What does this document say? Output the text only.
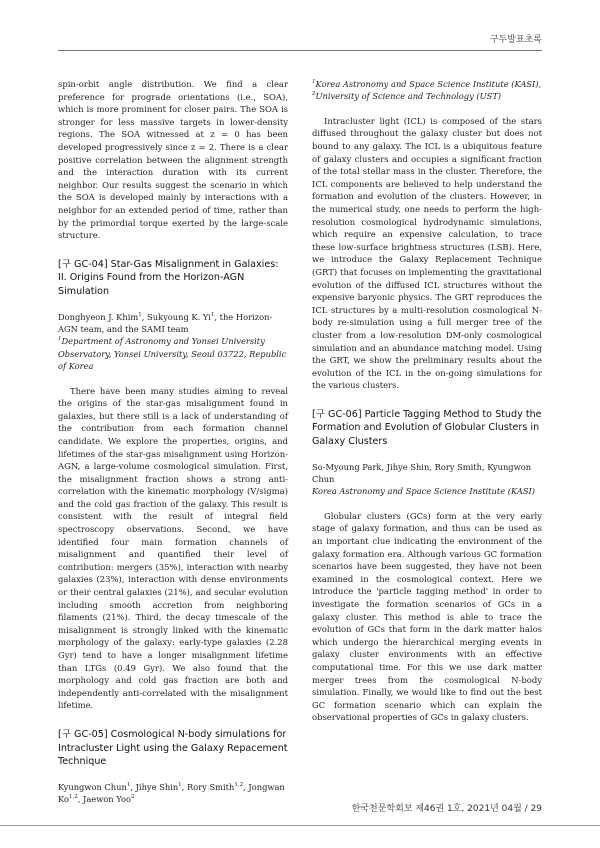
구두발표초록

spin-orbit angle distribution. We find a clear preference for prograde orientations (i.e., SOA), which is more prominent for closer pairs. The SOA is stronger for less massive targets in lower-density regions. The SOA witnessed at z = 0 has been developed progressively since z = 2. There is a clear positive correlation between the alignment strength and the interaction duration with its current neighbor. Our results suggest the scenario in which the SOA is developed mainly by interactions with a neighbor for an extended period of time, rather than by the primordial torque exerted by the large-scale structure.

[구 GC-04] Star-Gas Misalignment in Galaxies: II. Origins Found from the Horizon-AGN Simulation
Donghyeon J. Khim$^1$, Sukyoung K. Yi$^1$, the Horizon-AGN team, and the SAMI team
$^1$Department of Astronomy and Yonsei University Observatory, Yonsei University, Seoul 03722, Republic of Korea

There have been many studies aiming to reveal the origins of the star-gas misalignment found in galaxies, but there still is a lack of understanding of the contribution from each formation channel candidate. We explore the properties, origins, and lifetimes of the star-gas misalignment using Horizon-AGN, a large-volume cosmological simulation. First, the misalignment fraction shows a strong anti-correlation with the kinematic morphology (V/sigma) and the cold gas fraction of the galaxy. This result is consistent with the result of integral field spectroscopy observations. Second, we have identified four main formation channels of misalignment and quantified their level of contribution: mergers (35%), interaction with nearby galaxies (23%), interaction with dense environments or their central galaxies (21%), and secular evolution including smooth accretion from neighboring filaments (21%). Third, the decay timescale of the misalignment is strongly linked with the kinematic morphology of the galaxy: early-type galaxies (2.28 Gyr) tend to have a longer misalignment lifetime than LTGs (0.49 Gyr). We also found that the morphology and cold gas fraction are both and independently anti-correlated with the misalignment lifetime.

[구 GC-05] Cosmological N-body simulations for Intracluster Light using the Galaxy Repacement Technique
Kyungwon Chun$^1$, Jihye Shin$^1$, Rory Smith$^{1,2}$, Jongwan Ko$^{1,2}$, Jaewon Yoo$^2$
$^1$Korea Astronomy and Space Science Institute (KASI), $^2$University of Science and Technology (UST)

Intracluster light (ICL) is composed of the stars diffused throughout the galaxy cluster but does not bound to any galaxy. The ICL is a ubiquitous feature of galaxy clusters and occupies a significant fraction of the total stellar mass in the cluster. Therefore, the ICL components are believed to help understand the formation and evolution of the clusters. However, in the numerical study, one needs to perform the high-resolution cosmological hydrodynamic simulations, which require an expensive calculation, to trace these low-surface brightness structures (LSB). Here, we introduce the Galaxy Replacement Technique (GRT) that focuses on implementing the gravitational evolution of the diffused ICL structures without the expensive baryonic physics. The GRT reproduces the ICL structures by a multi-resolution cosmological N-body re-simulation using a full merger tree of the cluster from a low-resolution DM-only cosmological simulation and an abundance matching model. Using the GRT, we show the preliminary results about the evolution of the ICL in the on-going simulations for the various clusters.

[구 GC-06] Particle Tagging Method to Study the Formation and Evolution of Globular Clusters in Galaxy Clusters
So-Myoung Park, Jihye Shin, Rory Smith, Kyungwon Chun
Korea Astronomy and Space Science Institute (KASI)

Globular clusters (GCs) form at the very early stage of galaxy formation, and thus can be used as an important clue indicating the environment of the galaxy formation era. Although various GC formation scenarios have been suggested, they have not been examined in the cosmological context. Here we introduce the 'particle tagging method' in order to investigate the formation scenarios of GCs in a galaxy cluster. This method is able to trace the evolution of GCs that form in the dark matter halos which undergo the hierarchical merging events in galaxy cluster environments with an effective computational time. For this we use dark matter merger trees from the cosmological N-body simulation. Finally, we would like to find out the best GC formation scenario which can explain the observational properties of GCs in galaxy clusters.

한국천문학회보 제46권 1호, 2021년 04월 / 29
